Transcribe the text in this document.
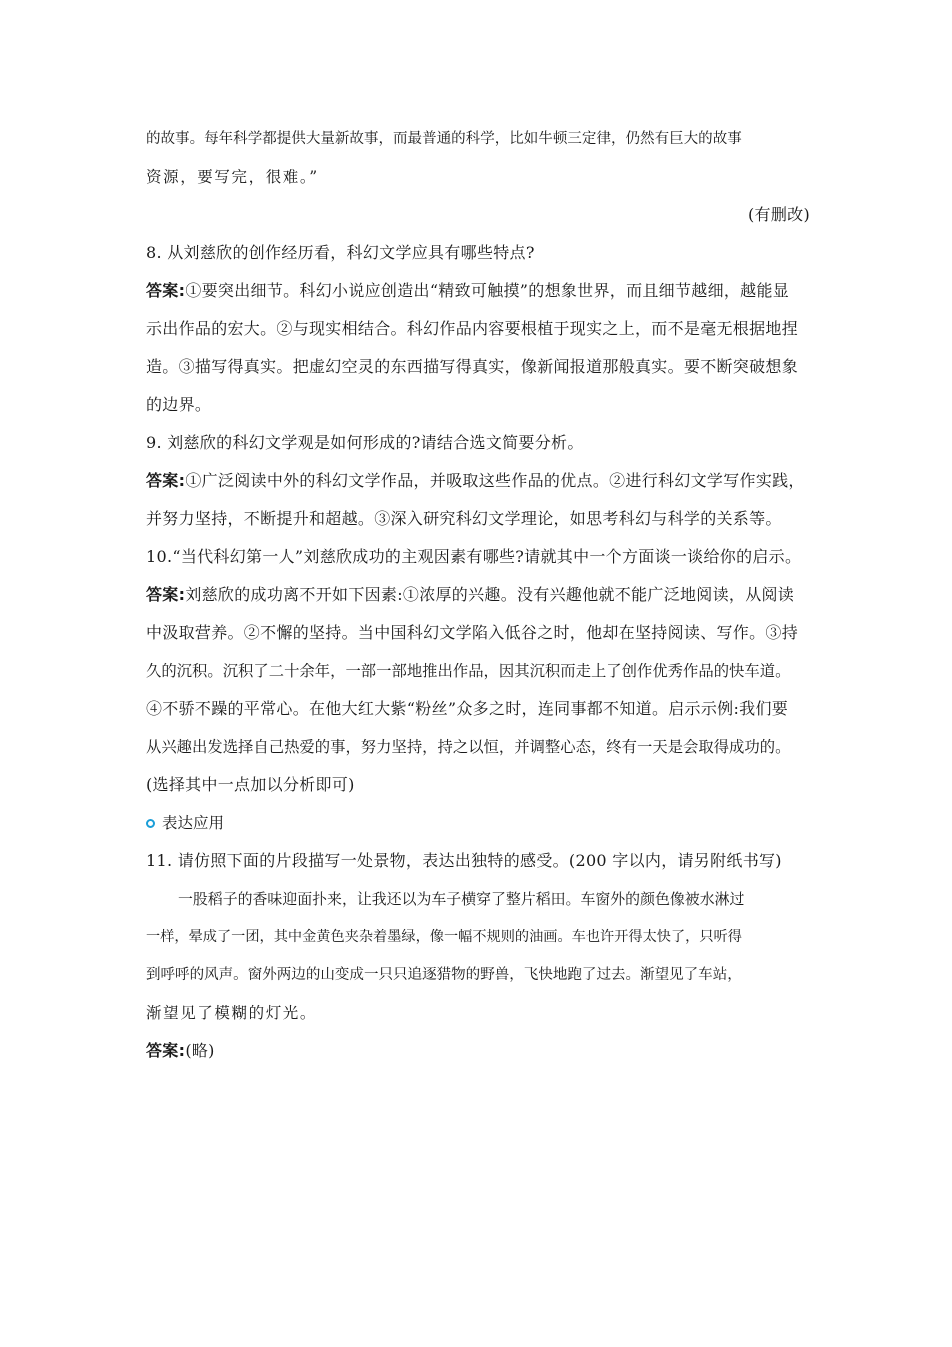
的故事。每年科学都提供大量新故事，而最普通的科学，比如牛顿三定律，仍然有巨大的故事
资源，要写完，很难。”
(有删改)
8. 从刘慈欣的创作经历看，科幻文学应具有哪些特点?
答案:①要突出细节。科幻小说应创造出“精致可触摸”的想象世界，而且细节越细，越能显
示出作品的宏大。②与现实相结合。科幻作品内容要根植于现实之上，而不是毫无根据地捏
造。③描写得真实。把虚幻空灵的东西描写得真实，像新闻报道那般真实。要不断突破想象
的边界。
9. 刘慈欣的科幻文学观是如何形成的?请结合选文简要分析。
答案:①广泛阅读中外的科幻文学作品，并吸取这些作品的优点。②进行科幻文学写作实践，
并努力坚持，不断提升和超越。③深入研究科幻文学理论，如思考科幻与科学的关系等。
10.“当代科幻第一人”刘慈欣成功的主观因素有哪些?请就其中一个方面谈一谈给你的启示。
答案:刘慈欣的成功离不开如下因素:①浓厚的兴趣。没有兴趣他就不能广泛地阅读，从阅读
中汲取营养。②不懈的坚持。当中国科幻文学陷入低谷之时，他却在坚持阅读、写作。③持
久的沉积。沉积了二十余年，一部一部地推出作品，因其沉积而走上了创作优秀作品的快车道。
④不骄不躁的平常心。在他大红大紫“粉丝”众多之时，连同事都不知道。启示示例:我们要
从兴趣出发选择自己热爱的事，努力坚持，持之以恒，并调整心态，终有一天是会取得成功的。
(选择其中一点加以分析即可)
表达应用
11. 请仿照下面的片段描写一处景物，表达出独特的感受。(200 字以内，请另附纸书写)
一股稻子的香味迎面扑来，让我还以为车子横穿了整片稻田。车窗外的颜色像被水淋过
一样，晕成了一团，其中金黄色夹杂着墨绿，像一幅不规则的油画。车也许开得太快了，只听得
到呼呼的风声。窗外两边的山变成一只只追逐猎物的野兽，飞快地跑了过去。渐望见了车站，
渐望见了模糊的灯光。
答案:(略)
